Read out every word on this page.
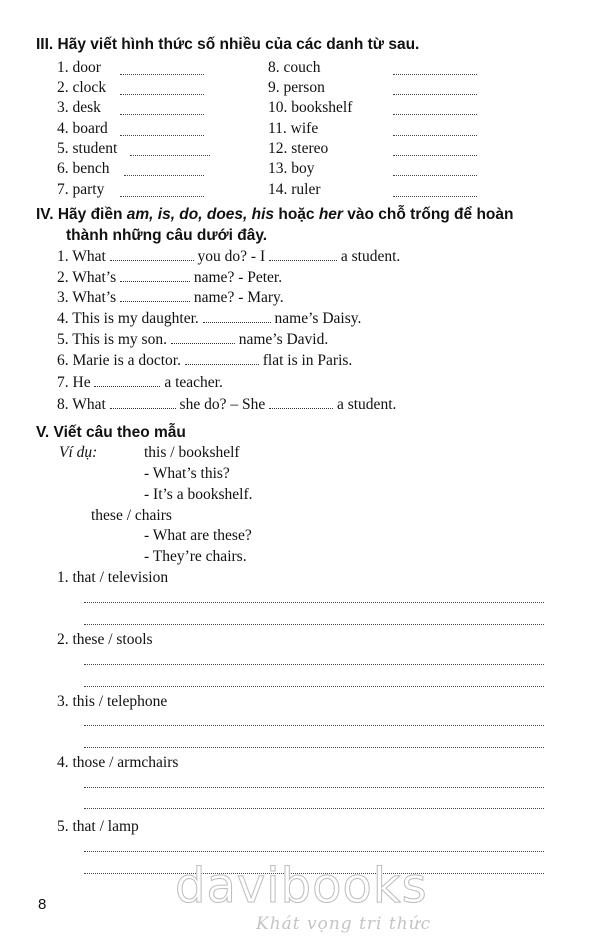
III. Hãy viết hình thức số nhiều của các danh từ sau.
1. door
2. clock
3. desk
4. board
5. student
6. bench
7. party
8. couch
9. person
10. bookshelf
11. wife
12. stereo
13. boy
14. ruler
IV. Hãy điền am, is, do, does, his hoặc her vào chỗ trống để hoàn
thành những câu dưới đây.
1. What	you do? - I	a student.
2. What’s	name? - Peter.
3. What’s	name? - Mary.
4. This is my daughter.	name’s Daisy.
5. This is my son.	name’s David.
6. Marie is a doctor.	flat is in Paris.
7. He	a teacher.
8. What	she do? – She	a student.
V. Viết câu theo mẫu
Ví dụ:	this / bookshelf
- What’s this?
- It’s a bookshelf.
these / chairs
- What are these?
- They’re chairs.
1. that / television
2. these / stools
3. this / telephone
4. those / armchairs
5. that / lamp
8	davibooks
Khát vọng tri thức
